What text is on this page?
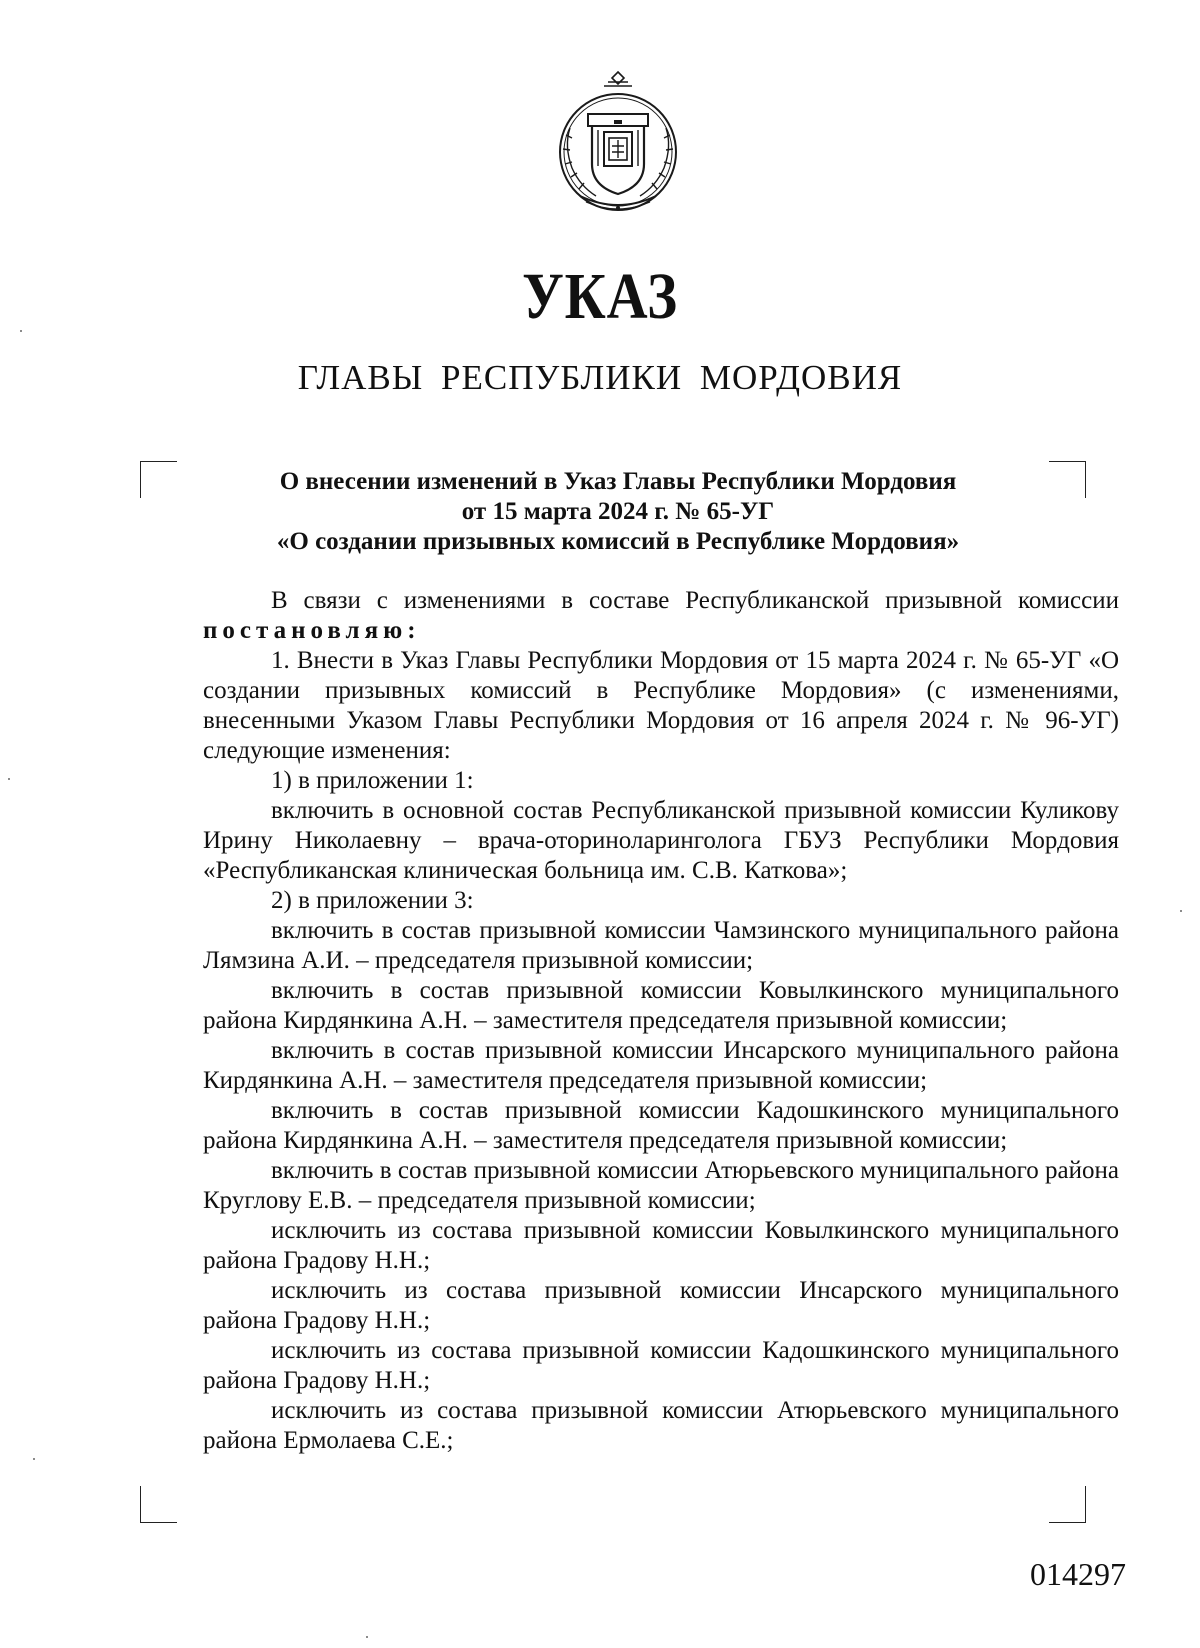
УКАЗ
ГЛАВЫ РЕСПУБЛИКИ МОРДОВИЯ
О внесении изменений в Указ Главы Республики Мордовия
от 15 марта 2024 г. № 65-УГ
«О создании призывных комиссий в Республике Мордовия»

В связи с изменениями в составе Республиканской призывной комиссии постановляю:

1. Внести в Указ Главы Республики Мордовия от 15 марта 2024 г. № 65-УГ «О создании призывных комиссий в Республике Мордовия» (с изменениями, внесенными Указом Главы Республики Мордовия от 16 апреля 2024 г. № 96-УГ) следующие изменения:

1) в приложении 1:

включить в основной состав Республиканской призывной комиссии Куликову Ирину Николаевну – врача-оториноларинголога ГБУЗ Республики Мордовия «Республиканская клиническая больница им. С.В. Каткова»;

2) в приложении 3:

включить в состав призывной комиссии Чамзинского муниципального района Лямзина А.И. – председателя призывной комиссии;

включить в состав призывной комиссии Ковылкинского муниципального района Кирдянкина А.Н. – заместителя председателя призывной комиссии;

включить в состав призывной комиссии Инсарского муниципального района Кирдянкина А.Н. – заместителя председателя призывной комиссии;

включить в состав призывной комиссии Кадошкинского муниципального района Кирдянкина А.Н. – заместителя председателя призывной комиссии;

включить в состав призывной комиссии Атюрьевского муниципального района Круглову Е.В. – председателя призывной комиссии;

исключить из состава призывной комиссии Ковылкинского муниципального района Градову Н.Н.;

исключить из состава призывной комиссии Инсарского муниципального района Градову Н.Н.;

исключить из состава призывной комиссии Кадошкинского муниципального района Градову Н.Н.;

исключить из состава призывной комиссии Атюрьевского муниципального района Ермолаева С.Е.;

014297
